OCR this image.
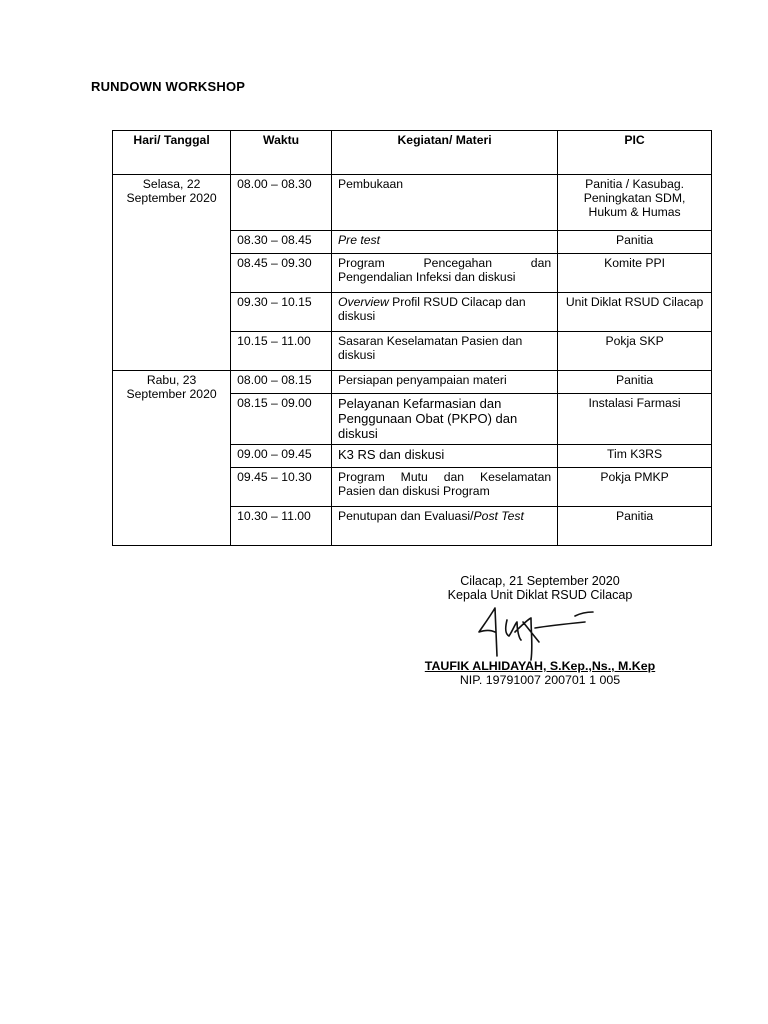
RUNDOWN WORKSHOP
Hari/ Tanggal	Waktu	Kegiatan/ Materi	PIC
Selasa, 22 September 2020	08.00 – 08.30	Pembukaan	Panitia / Kasubag. Peningkatan SDM, Hukum & Humas
	08.30 – 08.45	Pre test	Panitia
	08.45 – 09.30	Program Pencegahan dan Pengendalian Infeksi dan diskusi	Komite PPI
	09.30 – 10.15	Overview Profil RSUD Cilacap dan diskusi	Unit Diklat RSUD Cilacap
	10.15 – 11.00	Sasaran Keselamatan Pasien dan diskusi	Pokja SKP
Rabu, 23 September 2020	08.00 – 08.15	Persiapan penyampaian materi	Panitia
	08.15 – 09.00	Pelayanan Kefarmasian dan Penggunaan Obat (PKPO) dan diskusi	Instalasi Farmasi
	09.00 – 09.45	K3 RS dan diskusi	Tim K3RS
	09.45 – 10.30	Program Mutu dan Keselamatan Pasien dan diskusi Program	Pokja PMKP
	10.30 – 11.00	Penutupan dan Evaluasi/Post Test	Panitia
Cilacap, 21 September 2020
Kepala Unit Diklat RSUD Cilacap
TAUFIK ALHIDAYAH, S.Kep.,Ns., M.Kep
NIP. 19791007 200701 1 005
